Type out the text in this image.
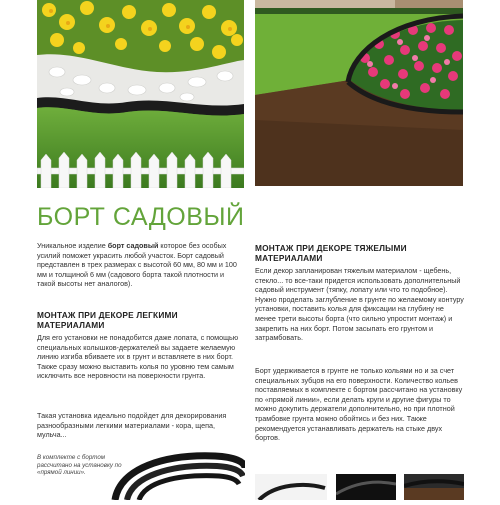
БОРТ САДОВЫЙ

Уникальное изделие борт садовый которое без особых усилий поможет украсить любой участок. Борт садовый представлен в трех размерах с высотой 60 мм, 80 мм и 100 мм и толщиной 6 мм (садового борта такой плотности и такой высоты нет аналогов).

МОНТАЖ ПРИ ДЕКОРЕ ЛЕГКИМИ МАТЕРИАЛАМИ

Для его установки не понадобится даже лопата, с помощью специальных колышков-держателей вы задаете желаемую линию изгиба вбиваете их в грунт и вставляете в них борт. Также сразу можно выставить колья по уровню тем самым исключить все неровности на поверхности грунта.

Такая установка идеально подойдет для декорирования разнообразными легкими материалами - кора, щепа, мульча...

В комплекте с бортом рассчитано на установку по «прямой линии».

МОНТАЖ ПРИ ДЕКОРЕ ТЯЖЕЛЫМИ МАТЕРИАЛАМИ

Если декор запланирован тяжелым материалом - щебень, стекло... то все-таки придется использовать дополнительный садовый инструмент (тяпку, лопату или что то подобное). Нужно проделать заглубление в грунте по желаемому контуру установки, поставить колья для фиксации на глубину не менее трети высоты борта (что сильно упростит монтаж) и закрепить на них борт. Потом засыпать его грунтом и затрамбовать.

Борт удерживается в грунте не только кольями но и за счет специальных зубцов на его поверхности. Количество кольев поставляемых в комплекте с бортом рассчитано на установку по «прямой линии», если делать круги и другие фигуры то можно докупить держатели дополнительно, но при плотной трамбовке грунта можно обойтись и без них. Также рекомендуется устанавливать держатель на стыке двух бортов.
